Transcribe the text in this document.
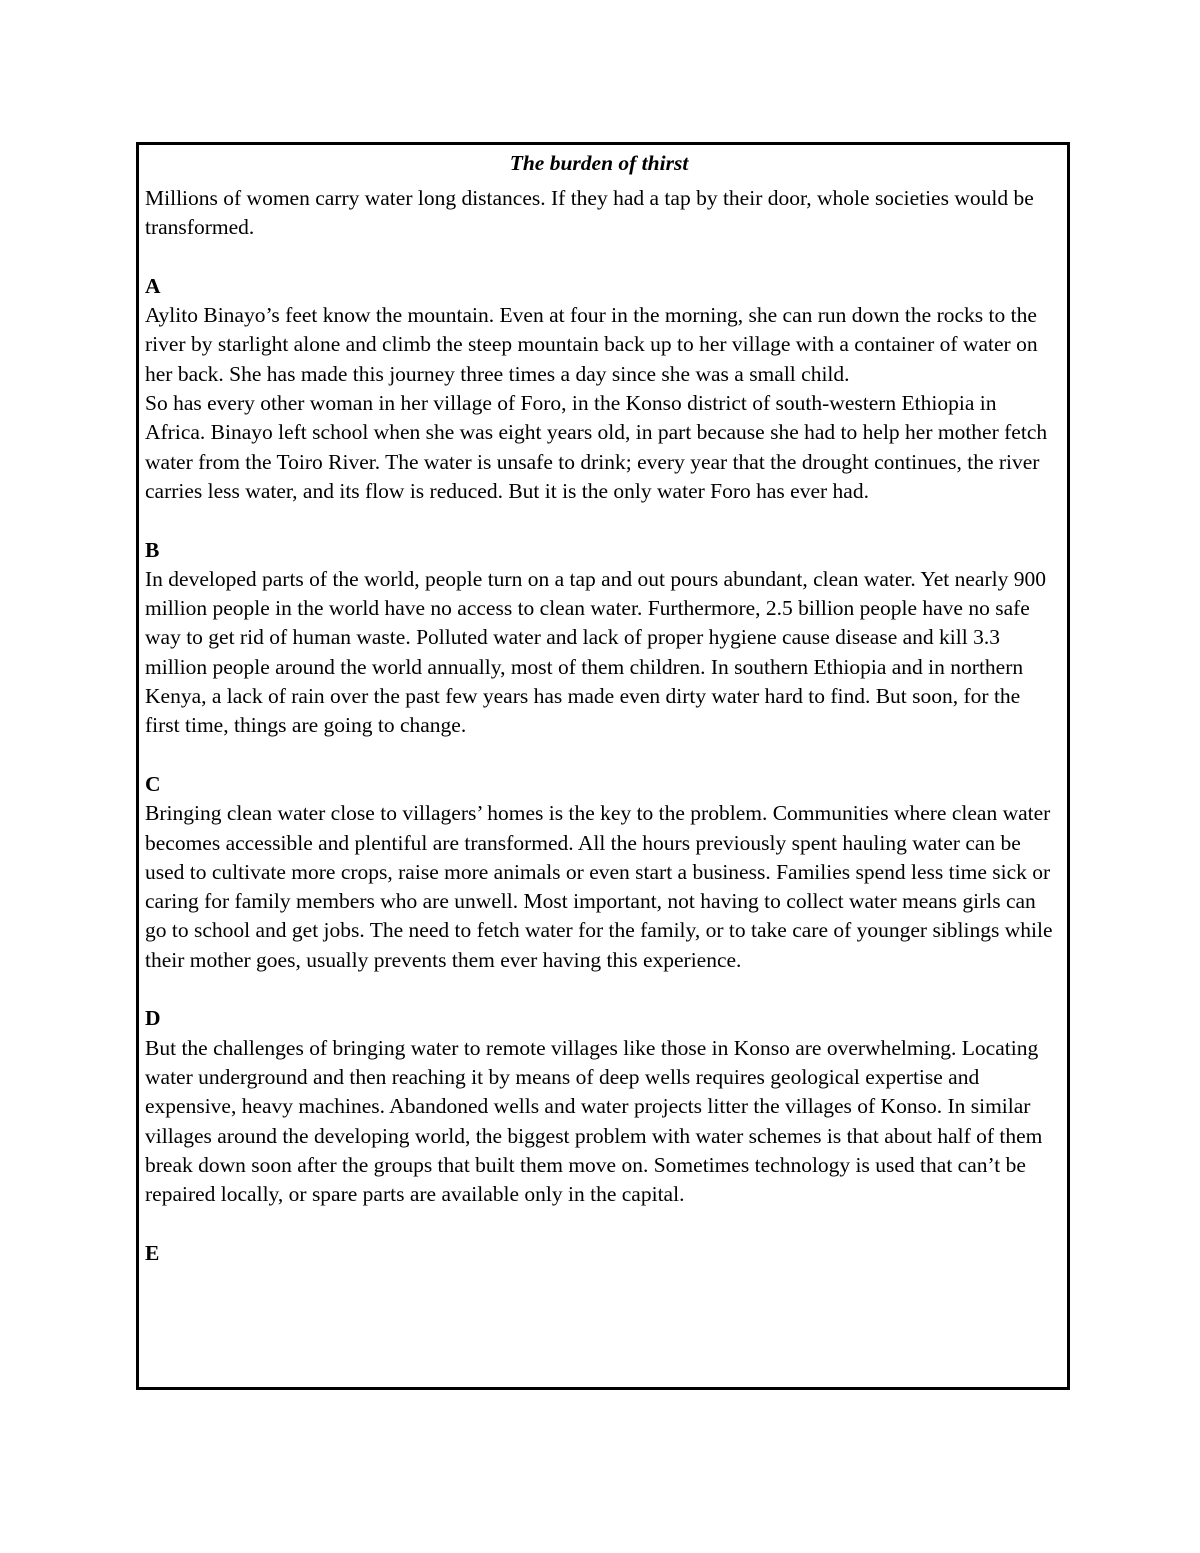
The burden of thirst

Millions of women carry water long distances. If they had a tap by their door, whole societies would be transformed.

A

Aylito Binayo’s feet know the mountain. Even at four in the morning, she can run down the rocks to the river by starlight alone and climb the steep mountain back up to her village with a container of water on her back. She has made this journey three times a day since she was a small child.

So has every other woman in her village of Foro, in the Konso district of south-western Ethiopia in Africa. Binayo left school when she was eight years old, in part because she had to help her mother fetch water from the Toiro River. The water is unsafe to drink; every year that the drought continues, the river carries less water, and its flow is reduced. But it is the only water Foro has ever had.

B

In developed parts of the world, people turn on a tap and out pours abundant, clean water. Yet nearly 900 million people in the world have no access to clean water. Furthermore, 2.5 billion people have no safe way to get rid of human waste. Polluted water and lack of proper hygiene cause disease and kill 3.3 million people around the world annually, most of them children. In southern Ethiopia and in northern Kenya, a lack of rain over the past few years has made even dirty water hard to find. But soon, for the first time, things are going to change.

C

Bringing clean water close to villagers’ homes is the key to the problem. Communities where clean water becomes accessible and plentiful are transformed. All the hours previously spent hauling water can be used to cultivate more crops, raise more animals or even start a business. Families spend less time sick or caring for family members who are unwell. Most important, not having to collect water means girls can go to school and get jobs. The need to fetch water for the family, or to take care of younger siblings while their mother goes, usually prevents them ever having this experience.

D

But the challenges of bringing water to remote villages like those in Konso are overwhelming. Locating water underground and then reaching it by means of deep wells requires geological expertise and expensive, heavy machines. Abandoned wells and water projects litter the villages of Konso. In similar villages around the developing world, the biggest problem with water schemes is that about half of them break down soon after the groups that built them move on. Sometimes technology is used that can’t be repaired locally, or spare parts are available only in the capital.

E
